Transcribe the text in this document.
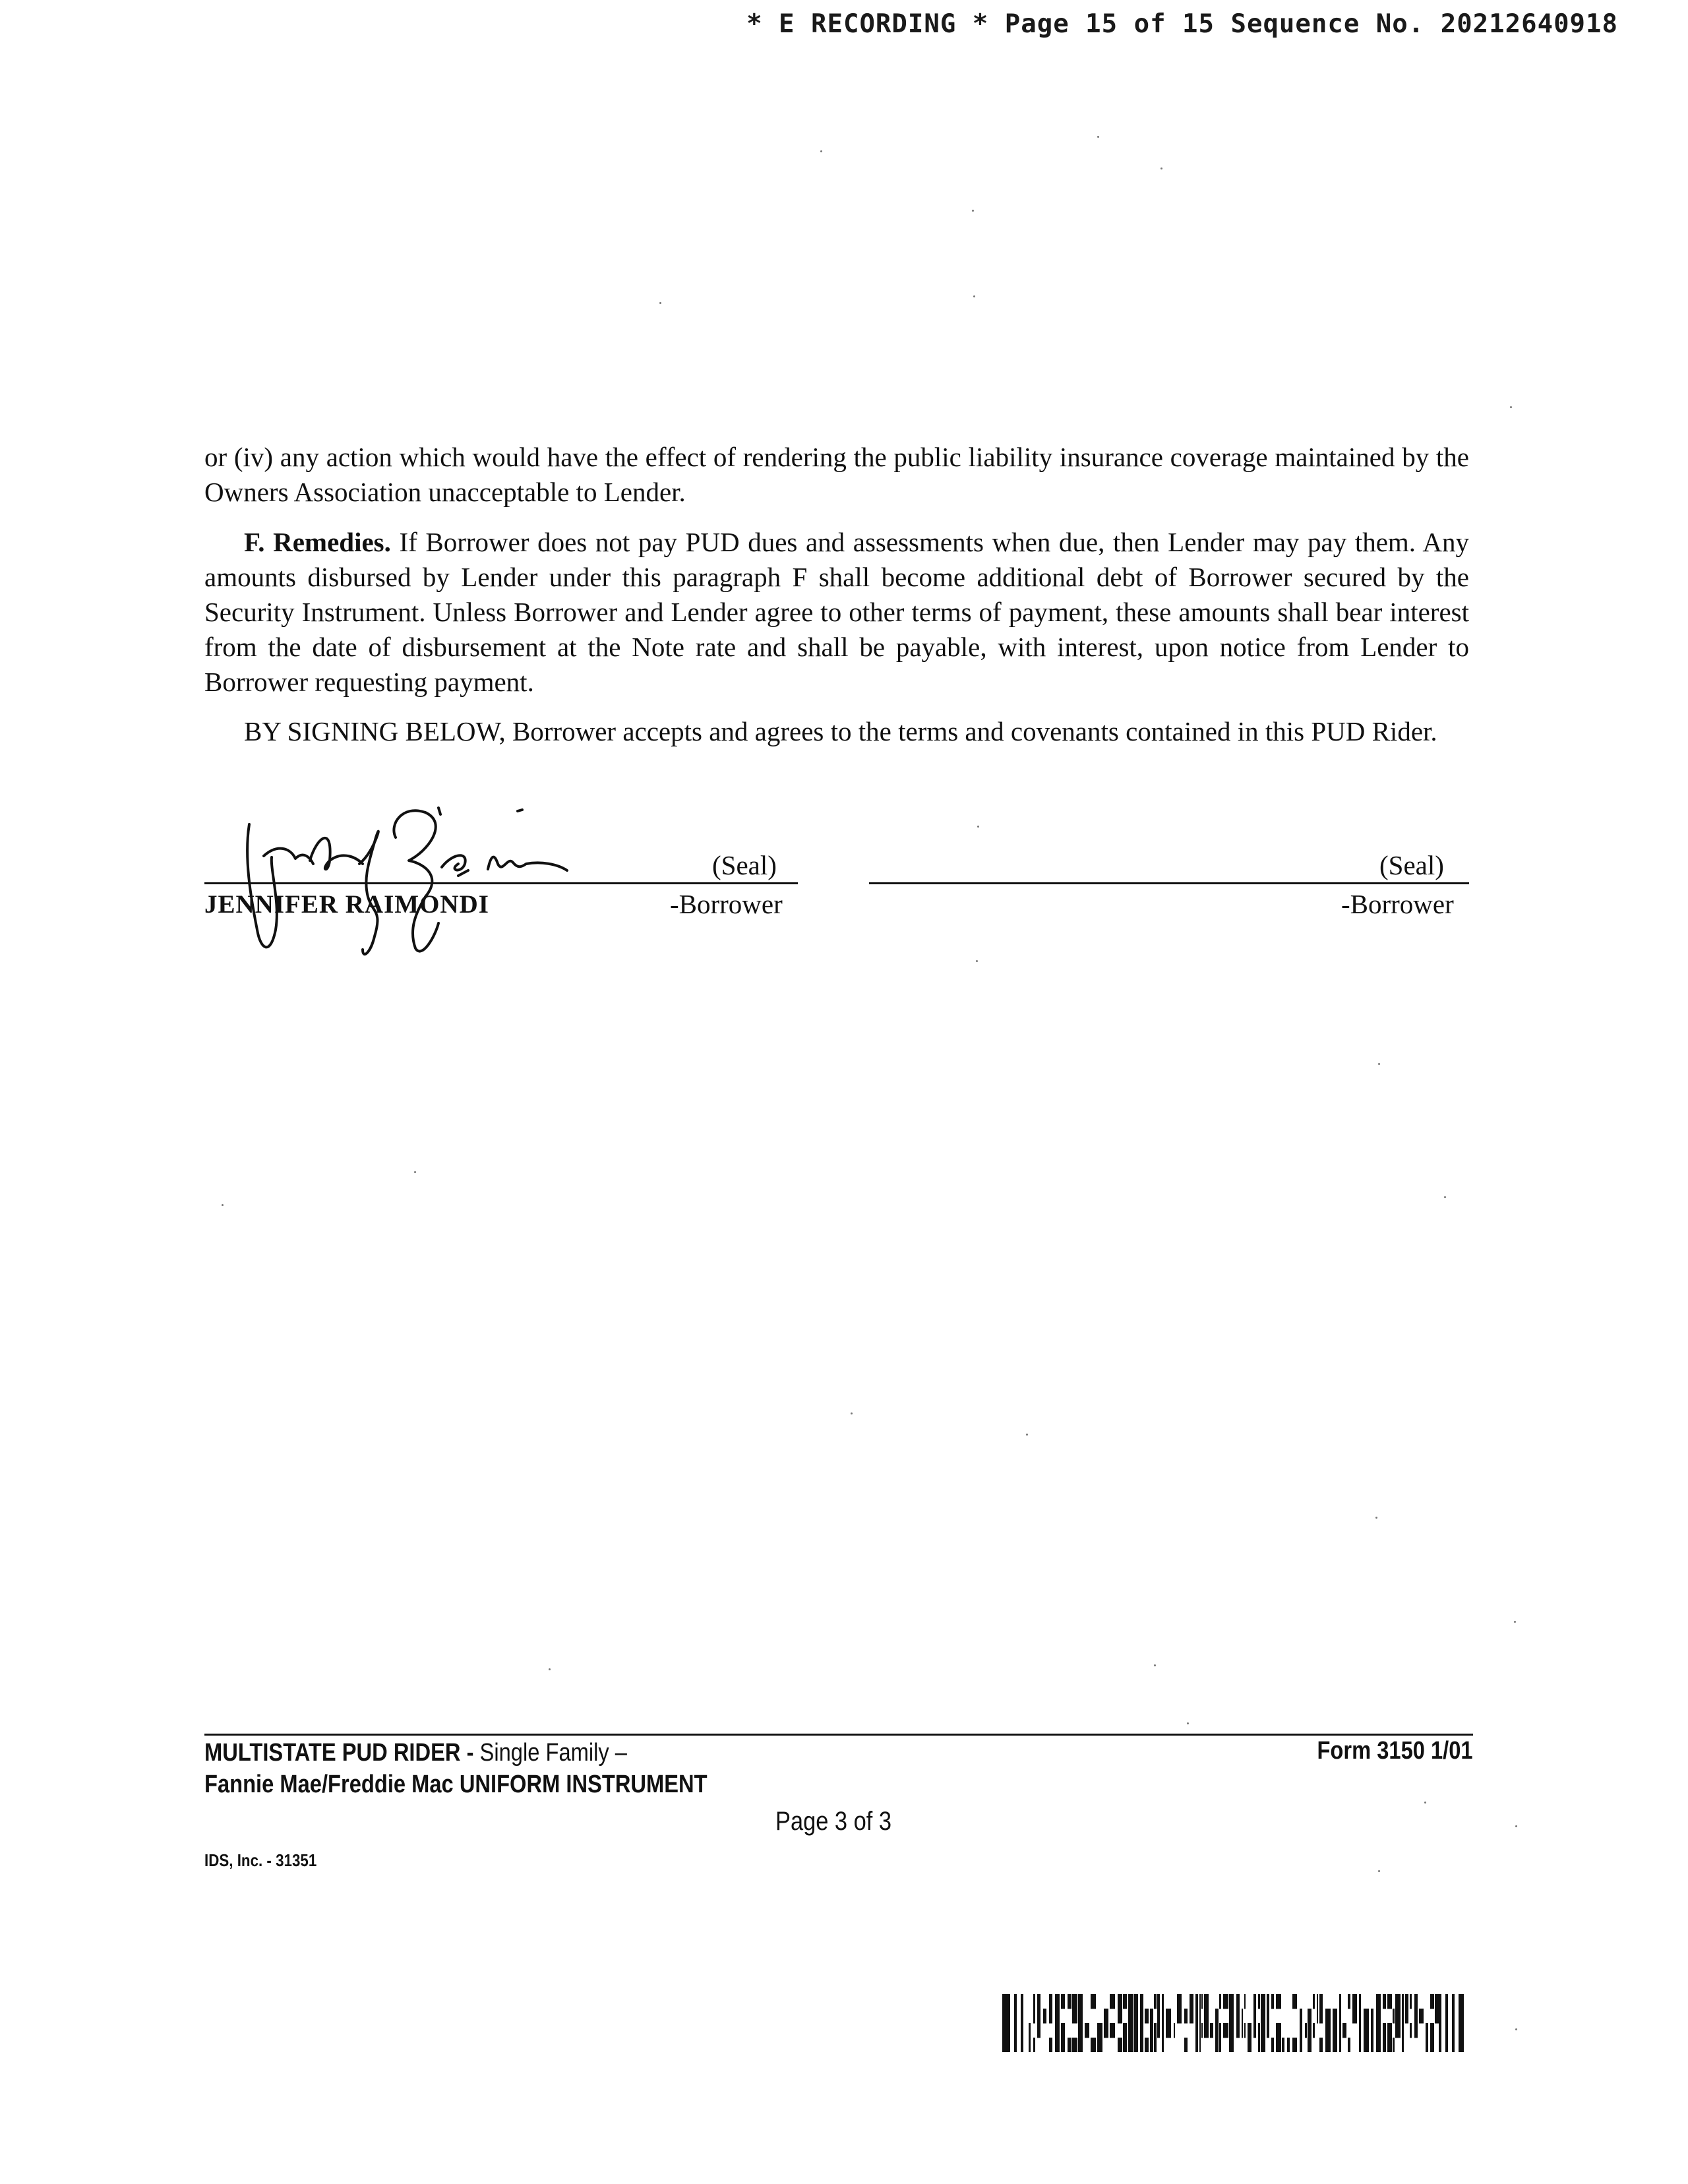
* E RECORDING * Page 15 of 15 Sequence No. 20212640918
or (iv) any action which would have the effect of rendering the public liability insurance coverage maintained by the Owners Association unacceptable to Lender.
F. Remedies. If Borrower does not pay PUD dues and assessments when due, then Lender may pay them. Any amounts disbursed by Lender under this paragraph F shall become additional debt of Borrower secured by the Security Instrument. Unless Borrower and Lender agree to other terms of payment, these amounts shall bear interest from the date of disbursement at the Note rate and shall be payable, with interest, upon notice from Lender to Borrower requesting payment.
BY SIGNING BELOW, Borrower accepts and agrees to the terms and covenants contained in this PUD Rider.
(Seal)
JENNIFER RAIMONDI	-Borrower
(Seal)
-Borrower
MULTISTATE PUD RIDER - Single Family –
Fannie Mae/Freddie Mac UNIFORM INSTRUMENT
Form 3150 1/01
Page 3 of 3
IDS, Inc. - 31351
